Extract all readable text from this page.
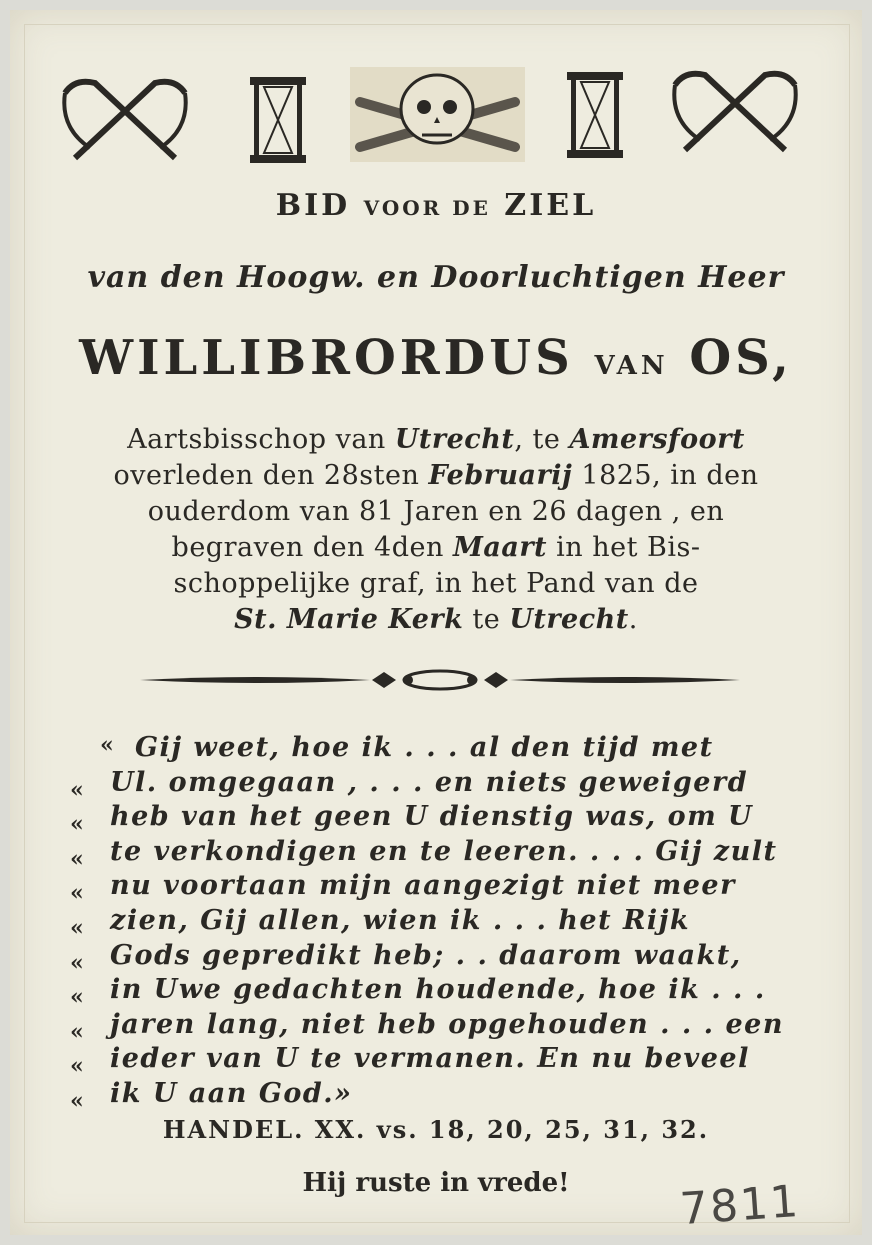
BID VOOR DE ZIEL
van den Hoogw. en Doorluchtigen Heer
WILLIBRORDUS VAN OS,
Aartsbisschop van Utrecht, te Amersfoort
overleden den 28sten Februarij 1825, in den
ouderdom van 81 Jaren en 26 dagen , en
begraven den 4den Maart in het Bis-
schoppelijke graf, in het Pand van de
St. Marie Kerk te Utrecht.
« Gij weet, hoe ik . . . al den tijd met
« Ul. omgegaan , . . . en niets geweigerd
« heb van het geen U dienstig was, om U
« te verkondigen en te leeren. . . . Gij zult
« nu voortaan mijn aangezigt niet meer
« zien, Gij allen, wien ik . . . het Rijk
« Gods gepredikt heb; . . daarom waakt,
« in Uwe gedachten houdende, hoe ik . . .
« jaren lang, niet heb opgehouden . . . een
« ieder van U te vermanen. En nu beveel
« ik U aan God.»
HANDEL. XX. vs. 18, 20, 25, 31, 32.
Hij ruste in vrede!	7811
